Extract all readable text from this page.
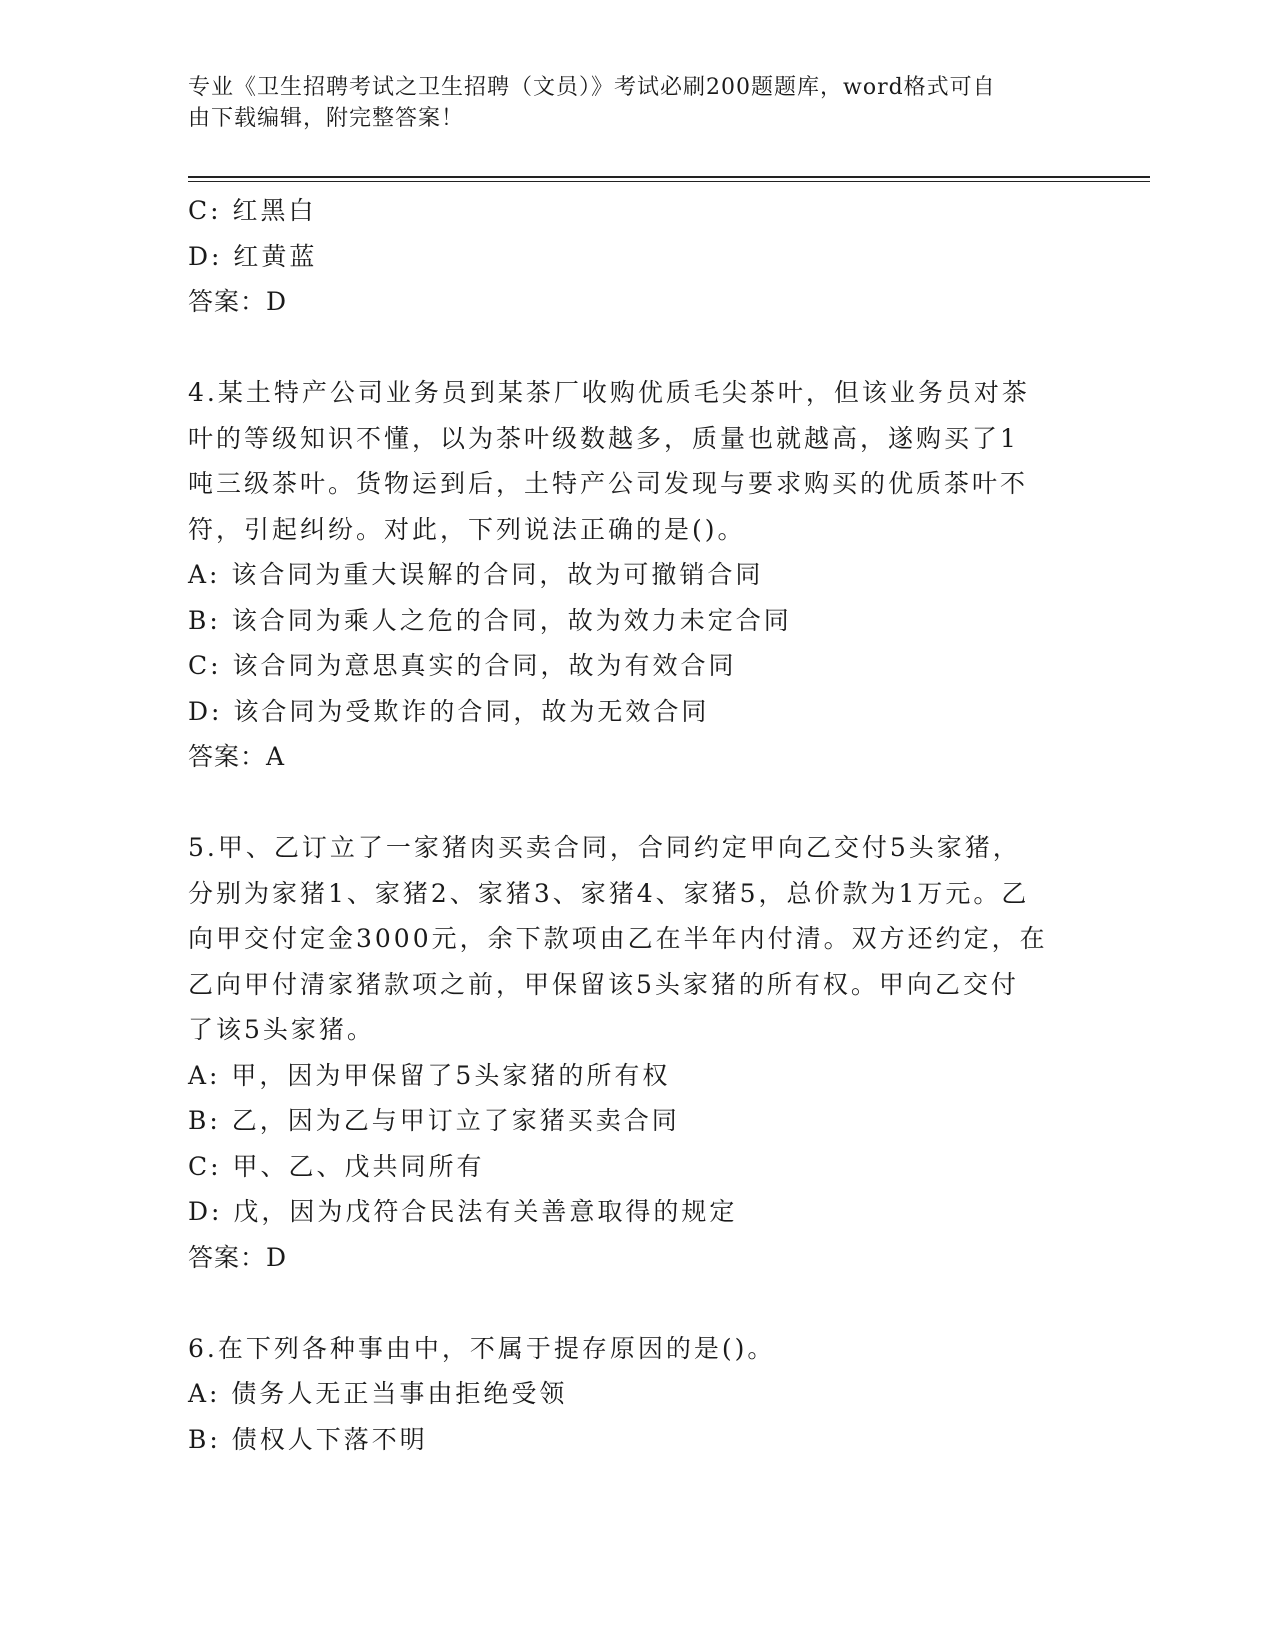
专业《卫生招聘考试之卫生招聘（文员）》考试必刷200题题库，word格式可自
由下载编辑，附完整答案！
C: 红黑白
D: 红黄蓝
答案：D
4.某土特产公司业务员到某茶厂收购优质毛尖茶叶，但该业务员对茶
叶的等级知识不懂，以为茶叶级数越多，质量也就越高，遂购买了1
吨三级茶叶。货物运到后，土特产公司发现与要求购买的优质茶叶不
符，引起纠纷。对此，下列说法正确的是()。
A: 该合同为重大误解的合同，故为可撤销合同
B: 该合同为乘人之危的合同，故为效力未定合同
C: 该合同为意思真实的合同，故为有效合同
D: 该合同为受欺诈的合同，故为无效合同
答案：A
5.甲、乙订立了一家猪肉买卖合同，合同约定甲向乙交付5头家猪，
分别为家猪1、家猪2、家猪3、家猪4、家猪5，总价款为1万元。乙
向甲交付定金3000元，余下款项由乙在半年内付清。双方还约定，在
乙向甲付清家猪款项之前，甲保留该5头家猪的所有权。甲向乙交付
了该5头家猪。
A: 甲，因为甲保留了5头家猪的所有权
B: 乙，因为乙与甲订立了家猪买卖合同
C: 甲、乙、戊共同所有
D: 戊，因为戊符合民法有关善意取得的规定
答案：D
6.在下列各种事由中，不属于提存原因的是()。
A: 债务人无正当事由拒绝受领
B: 债权人下落不明
